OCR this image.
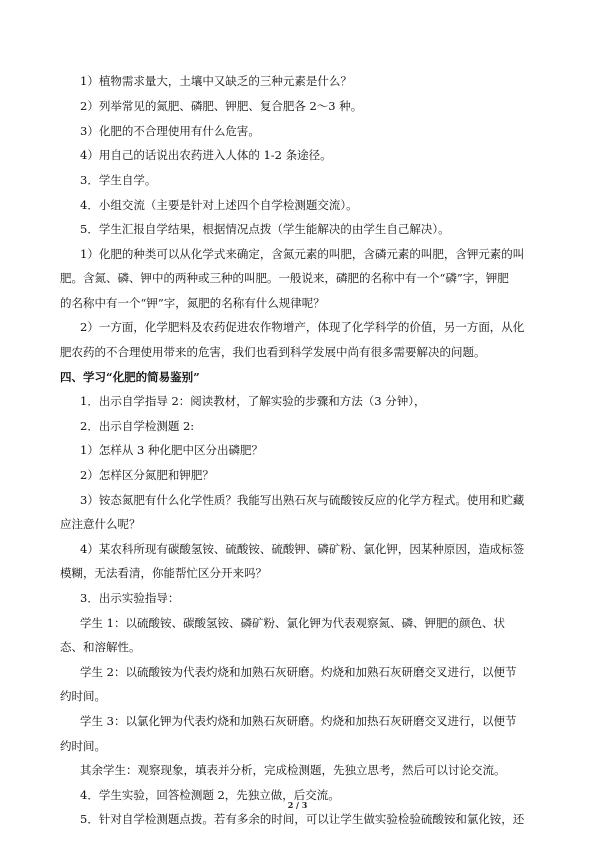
1）植物需求量大，土壤中又缺乏的三种元素是什么？
2）列举常见的氮肥、磷肥、钾肥、复合肥各 2～3 种。
3）化肥的不合理使用有什么危害。
4）用自己的话说出农药进入人体的 1-2 条途径。
3．学生自学。
4．小组交流（主要是针对上述四个自学检测题交流）。
5．学生汇报自学结果，根据情况点拨（学生能解决的由学生自己解决）。
1）化肥的种类可以从化学式来确定，含氮元素的叫肥，含磷元素的叫肥，含钾元素的叫
肥。含氮、磷、钾中的两种或三种的叫肥。一般说来，磷肥的名称中有一个“磷”字，钾肥
的名称中有一个“钾”字，氮肥的名称有什么规律呢？
2）一方面，化学肥料及农药促进农作物增产，体现了化学科学的价值，另一方面，从化
肥农药的不合理使用带来的危害，我们也看到科学发展中尚有很多需要解决的问题。
四、学习“化肥的简易鉴别”
1．出示自学指导 2：阅读教材，了解实验的步骤和方法（3 分钟），
2．出示自学检测题 2:
1）怎样从 3 种化肥中区分出磷肥？
2）怎样区分氮肥和钾肥？
3）铵态氮肥有什么化学性质？我能写出熟石灰与硫酸铵反应的化学方程式。使用和贮藏
应注意什么呢？
4）某农科所现有碳酸氢铵、硫酸铵、硫酸钾、磷矿粉、氯化钾，因某种原因，造成标签
模糊，无法看清，你能帮忙区分开来吗？
3．出示实验指导：
学生 1：以硫酸铵、碳酸氢铵、磷矿粉、氯化钾为代表观察氮、磷、钾肥的颜色、状
态、和溶解性。
学生 2：以硫酸铵为代表灼烧和加熟石灰研磨。灼烧和加熟石灰研磨交叉进行，以便节
约时间。
学生 3：以氯化钾为代表灼烧和加熟石灰研磨。灼烧和加热石灰研磨交叉进行，以便节
约时间。
其余学生：观察现象，填表并分析，完成检测题，先独立思考，然后可以讨论交流。
4．学生实验，回答检测题 2，先独立做，后交流。
5．针对自学检测题点拨。若有多余的时间，可以让学生做实验检验硫酸铵和氯化铵，还
2 / 3
